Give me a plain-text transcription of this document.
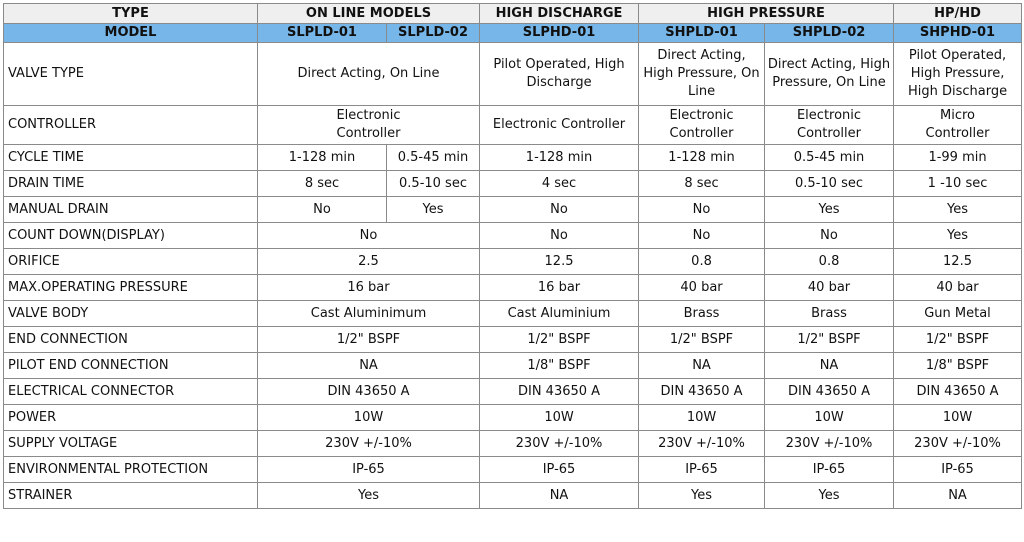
TYPE	ON LINE MODELS		HIGH DISCHARGE	HIGH PRESSURE		HP/HD
MODEL	SLPLD-01	SLPLD-02	SLPHD-01	SHPLD-01	SHPLD-02	SHPHD-01
VALVE TYPE	Direct Acting, On Line		Pilot Operated, High Discharge	Direct Acting, High Pressure, On Line	Direct Acting, High Pressure, On Line	Pilot Operated, High Pressure, High Discharge
CONTROLLER	Electronic Controller		Electronic Controller	Electronic Controller	Electronic Controller	Micro Controller
CYCLE TIME	1-128 min	0.5-45 min	1-128 min	1-128 min	0.5-45 min	1-99 min
DRAIN TIME	8 sec	0.5-10 sec	4 sec	8 sec	0.5-10 sec	1 -10 sec
MANUAL DRAIN	No	Yes	No	No	Yes	Yes
COUNT DOWN(DISPLAY)	No		No	No	No	Yes
ORIFICE	2.5		12.5	0.8	0.8	12.5
MAX.OPERATING PRESSURE	16 bar		16 bar	40 bar	40 bar	40 bar
VALVE BODY	Cast Aluminimum		Cast Aluminium	Brass	Brass	Gun Metal
END CONNECTION	1/2" BSPF		1/2" BSPF	1/2" BSPF	1/2" BSPF	1/2" BSPF
PILOT END CONNECTION	NA		1/8" BSPF	NA	NA	1/8" BSPF
ELECTRICAL CONNECTOR	DIN 43650 A		DIN 43650 A	DIN 43650 A	DIN 43650 A	DIN 43650 A
POWER	10W		10W	10W	10W	10W
SUPPLY VOLTAGE	230V +/-10%		230V +/-10%	230V +/-10%	230V +/-10%	230V +/-10%
ENVIRONMENTAL PROTECTION	IP-65		IP-65	IP-65	IP-65	IP-65
STRAINER	Yes		NA	Yes	Yes	NA
